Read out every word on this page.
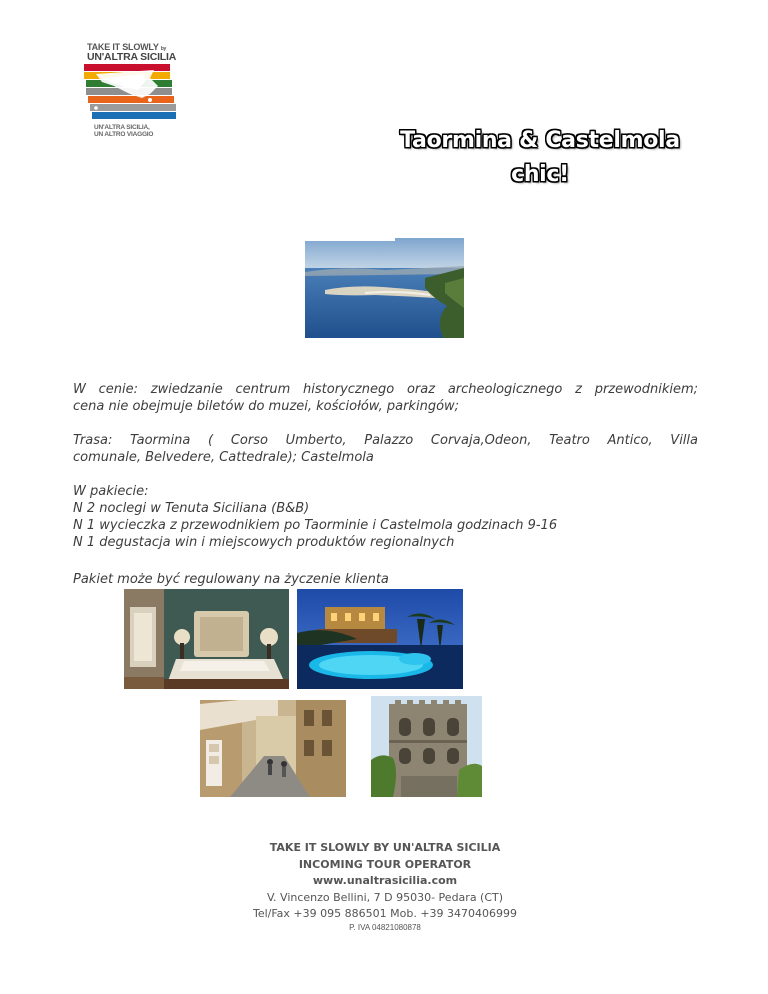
TAKE IT SLOWLY by
UN'ALTRA SICILIA
UN'ALTRA SICILIA,
UN ALTRO VIAGGIO	Taormina & Castelmola
chic!
W cenie: zwiedzanie centrum historycznego oraz archeologicznego z przewodnikiem;
cena nie obejmuje biletów do muzei, kościołów, parkingów;
Trasa: Taormina ( Corso Umberto, Palazzo Corvaja,Odeon, Teatro Antico, Villa
comunale, Belvedere, Cattedrale); Castelmola
W pakiecie:
N 2 noclegi w Tenuta Siciliana (B&B)
N 1 wycieczka z przewodnikiem po Taorminie i Castelmola godzinach 9-16
N 1 degustacja win i miejscowych produktów regionalnych
Pakiet może być regulowany na życzenie klienta
TAKE IT SLOWLY BY UN'ALTRA SICILIA
INCOMING TOUR OPERATOR
www.unaltrasicilia.com
V. Vincenzo Bellini, 7 D 95030- Pedara (CT)
Tel/Fax +39 095 886501 Mob. +39 3470406999
P. IVA 04821080878
